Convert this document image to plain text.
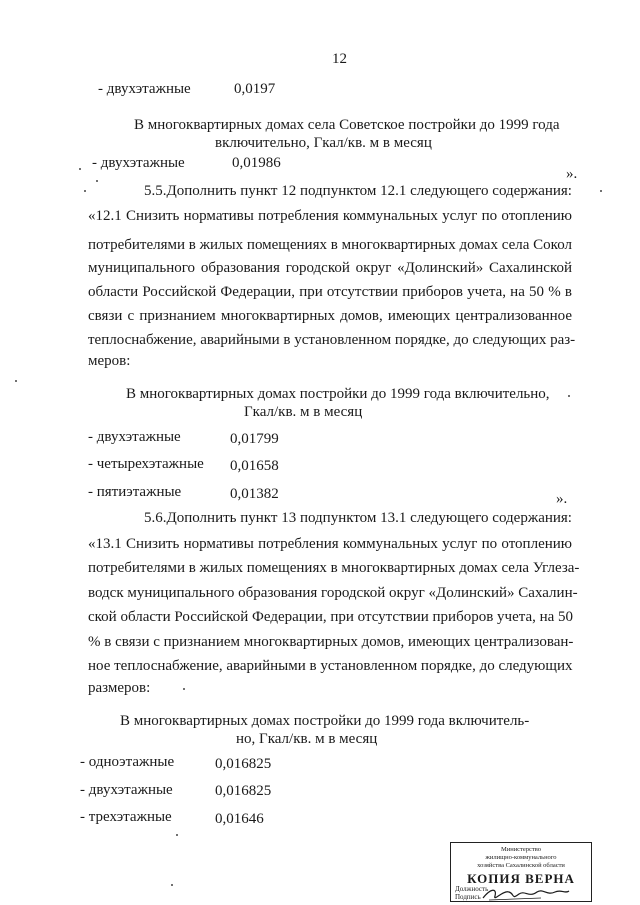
12
- двухэтажные	0,0197
В многоквартирных домах села Советское постройки до 1999 года
включительно, Гкал/кв. м в месяц
- двухэтажные	0,01986
».
5.5.Дополнить пункт 12 подпунктом 12.1 следующего содержания:
«12.1 Снизить нормативы потребления коммунальных услуг по отоплению
потребителями в жилых помещениях в многоквартирных домах села Сокол
муниципального образования городской округ «Долинский» Сахалинской
области Российской Федерации, при отсутствии приборов учета, на 50 % в
связи с признанием многоквартирных домов, имеющих централизованное
теплоснабжение, аварийными в установленном порядке, до следующих раз-
меров:
В многоквартирных домах постройки до 1999 года включительно,
Гкал/кв. м в месяц
- двухэтажные	0,01799
- четырехэтажные 0,01658
- пятиэтажные	0,01382	».
5.6.Дополнить пункт 13 подпунктом 13.1 следующего содержания:
«13.1 Снизить нормативы потребления коммунальных услуг по отоплению
потребителями в жилых помещениях в многоквартирных домах села Углеза-
водск муниципального образования городской округ «Долинский» Сахалин-
ской области Российской Федерации, при отсутствии приборов учета, на 50
% в связи с признанием многоквартирных домов, имеющих централизован-
ное теплоснабжение, аварийными в установленном порядке, до следующих
размеров:
В многоквартирных домах постройки до 1999 года включитель-
но, Гкал/кв. м в месяц
- одноэтажные	0,016825
- двухэтажные	0,016825
- трехэтажные	0,01646
Министерство
жилищно-коммунального
хозяйства Сахалинской области
КОПИЯ ВЕРНА
Должность
Подпись
